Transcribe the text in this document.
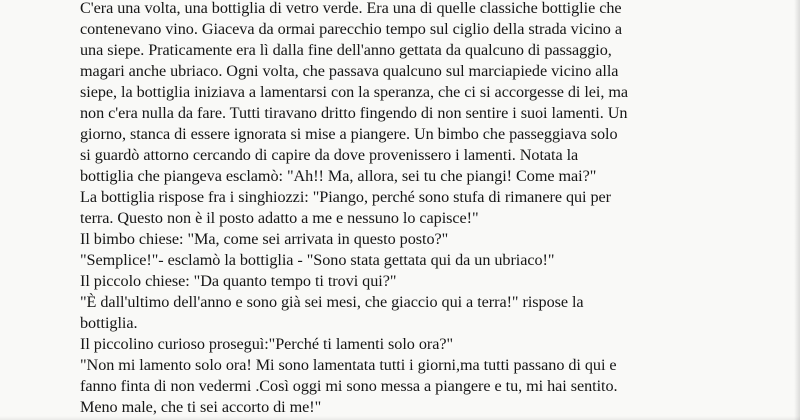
C'era una volta, una bottiglia di vetro verde. Era una di quelle classiche bottiglie che
contenevano vino. Giaceva da ormai parecchio tempo sul ciglio della strada vicino a
una siepe. Praticamente era lì dalla fine dell'anno gettata da qualcuno di passaggio,
magari anche ubriaco. Ogni volta, che passava qualcuno sul marciapiede vicino alla
siepe, la bottiglia iniziava a lamentarsi con la speranza, che ci si accorgesse di lei, ma
non c'era nulla da fare. Tutti tiravano dritto fingendo di non sentire i suoi lamenti. Un
giorno, stanca di essere ignorata si mise a piangere. Un bimbo che passeggiava solo
si guardò attorno cercando di capire da dove provenissero i lamenti. Notata la
bottiglia che piangeva esclamò: "Ah!! Ma, allora, sei tu che piangi! Come mai?"
La bottiglia rispose fra i singhiozzi: "Piango, perché sono stufa di rimanere qui per
terra. Questo non è il posto adatto a me e nessuno lo capisce!"
Il bimbo chiese: "Ma, come sei arrivata in questo posto?"
"Semplice!"- esclamò la bottiglia - "Sono stata gettata qui da un ubriaco!"
Il piccolo chiese: "Da quanto tempo ti trovi qui?"
"È dall'ultimo dell'anno e sono già sei mesi, che giaccio qui a terra!" rispose la
bottiglia.
Il piccolino curioso proseguì:"Perché ti lamenti solo ora?"
"Non mi lamento solo ora! Mi sono lamentata tutti i giorni,ma tutti passano di qui e
fanno finta di non vedermi .Così oggi mi sono messa a piangere e tu, mi hai sentito.
Meno male, che ti sei accorto di me!"
